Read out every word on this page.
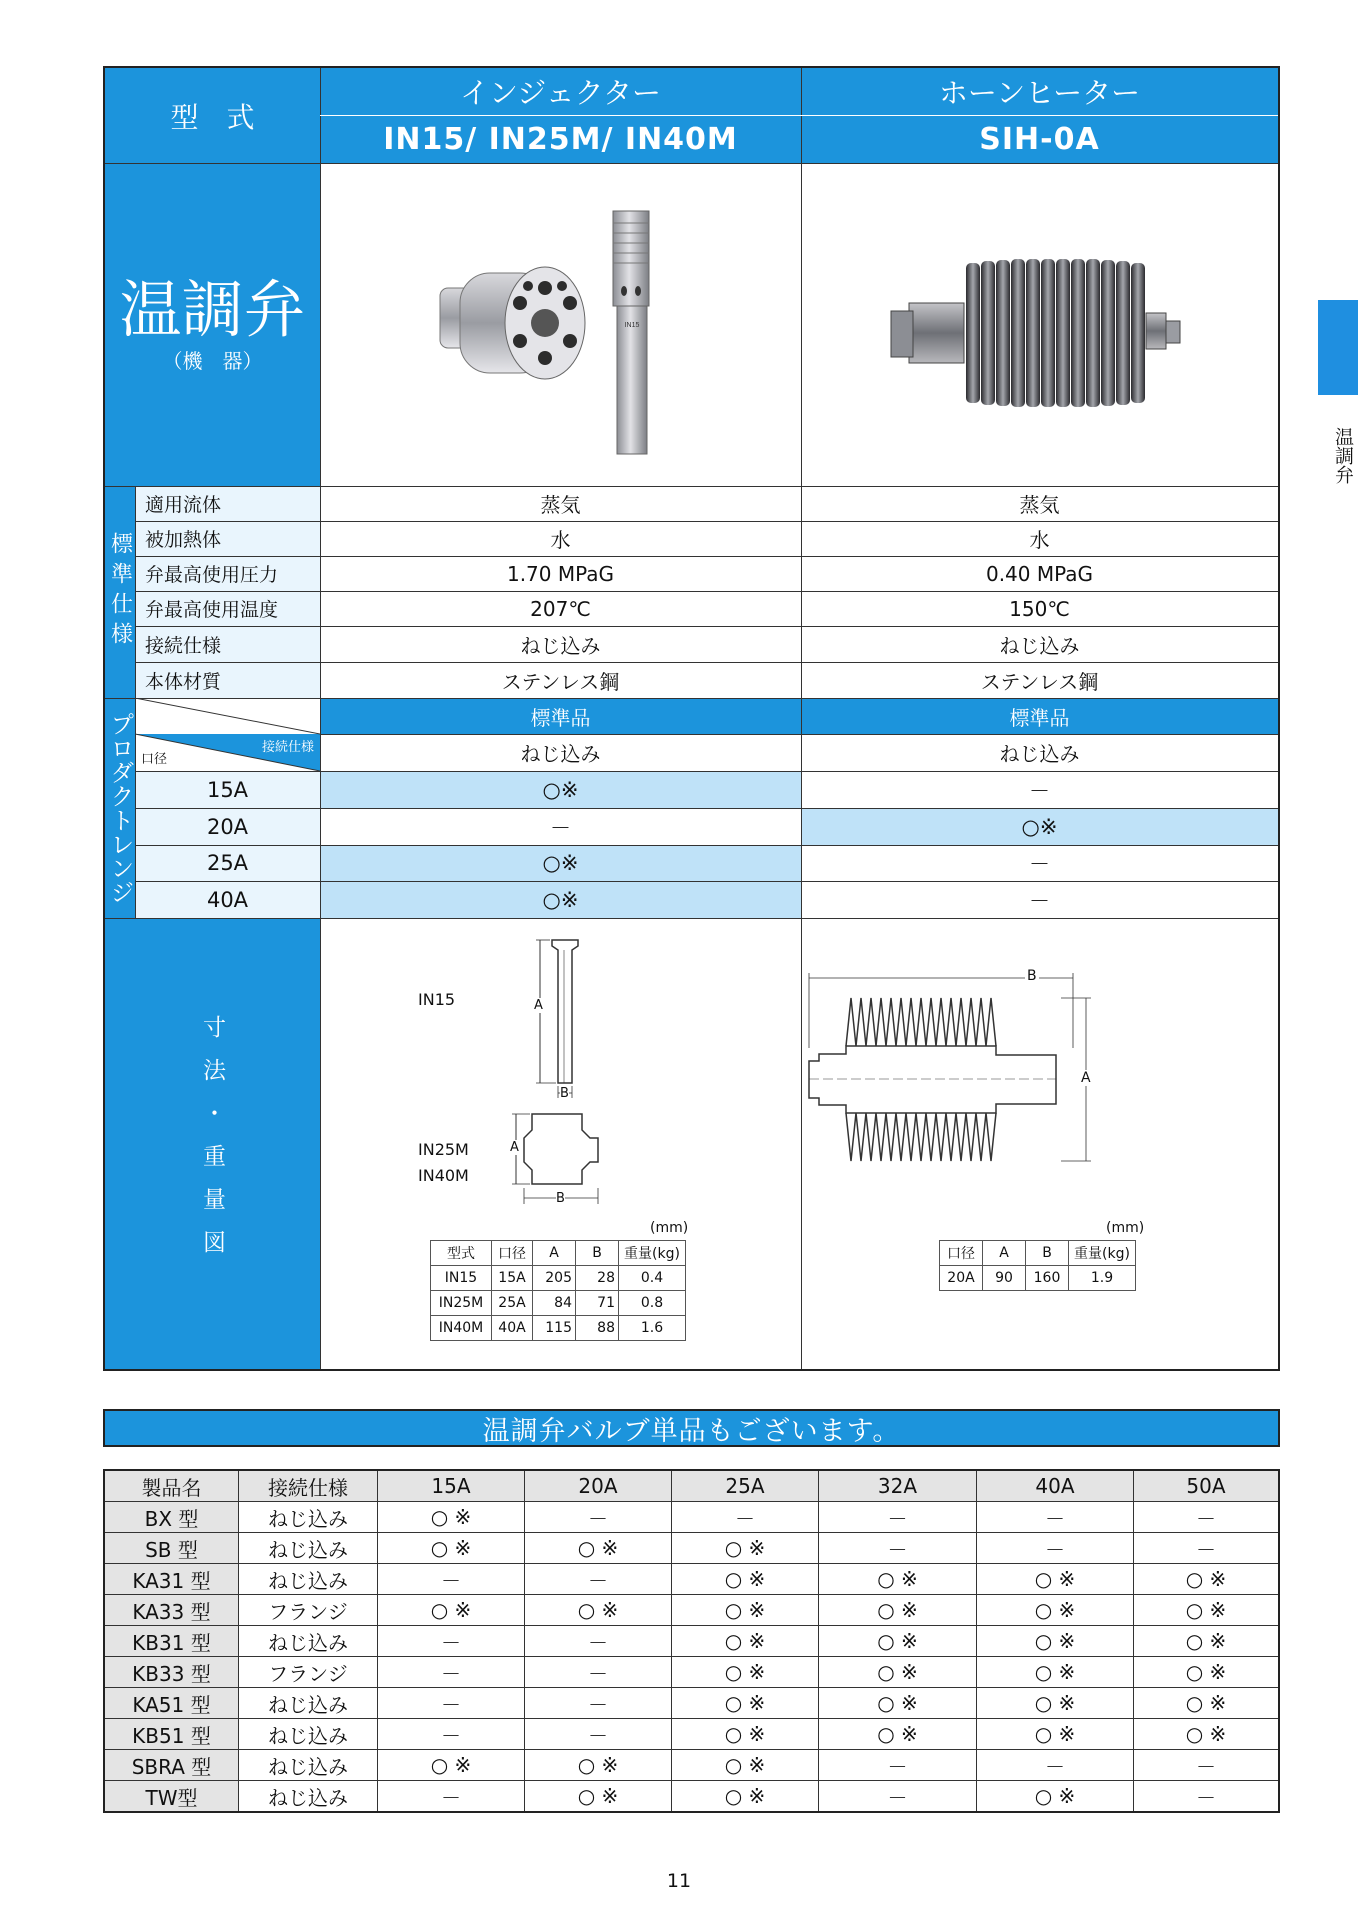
温調弁
型　式
インジェクター	ホーンヒーター
IN15/ IN25M/ IN40M	SIH-0A
温調弁
（機　器）
IN15
標準仕様
適用流体	蒸気	蒸気
被加熱体	水	水
弁最高使用圧力	1.70 MPaG	0.40 MPaG
弁最高使用温度	207℃	150℃
接続仕様	ねじ込み	ねじ込み
本体材質	ステンレス鋼	ステンレス鋼
プロダクトレンジ	接続仕様
口径
標準品	標準品
ねじ込み	ねじ込み
15A	○※	－
20A	－	○※
25A	○※	－
40A	○※	－
寸法・重量図
IN15
IN25M
IN40M
A
B
A
B
(mm)
型式	口径	A	B	重量(kg)
IN15	15A	205	28	0.4
IN25M	25A	84	71	0.8
IN40M	40A	115	88	1.6
B
A
(mm)
口径	A	B	重量(kg)
20A	90	160	1.9
温調弁バルブ単品もございます。
製品名	接続仕様	15A	20A	25A	32A	40A	50A
BX 型	ねじ込み	○ ※	－	－	－	－	－
SB 型	ねじ込み	○ ※	○ ※	○ ※	－	－	－
KA31 型	ねじ込み	－	－	○ ※	○ ※	○ ※	○ ※
KA33 型	フランジ	○ ※	○ ※	○ ※	○ ※	○ ※	○ ※
KB31 型	ねじ込み	－	－	○ ※	○ ※	○ ※	○ ※
KB33 型	フランジ	－	－	○ ※	○ ※	○ ※	○ ※
KA51 型	ねじ込み	－	－	○ ※	○ ※	○ ※	○ ※
KB51 型	ねじ込み	－	－	○ ※	○ ※	○ ※	○ ※
SBRA 型	ねじ込み	○ ※	○ ※	○ ※	－	－	－
TW型	ねじ込み	－	○ ※	○ ※	－	○ ※	－
11
